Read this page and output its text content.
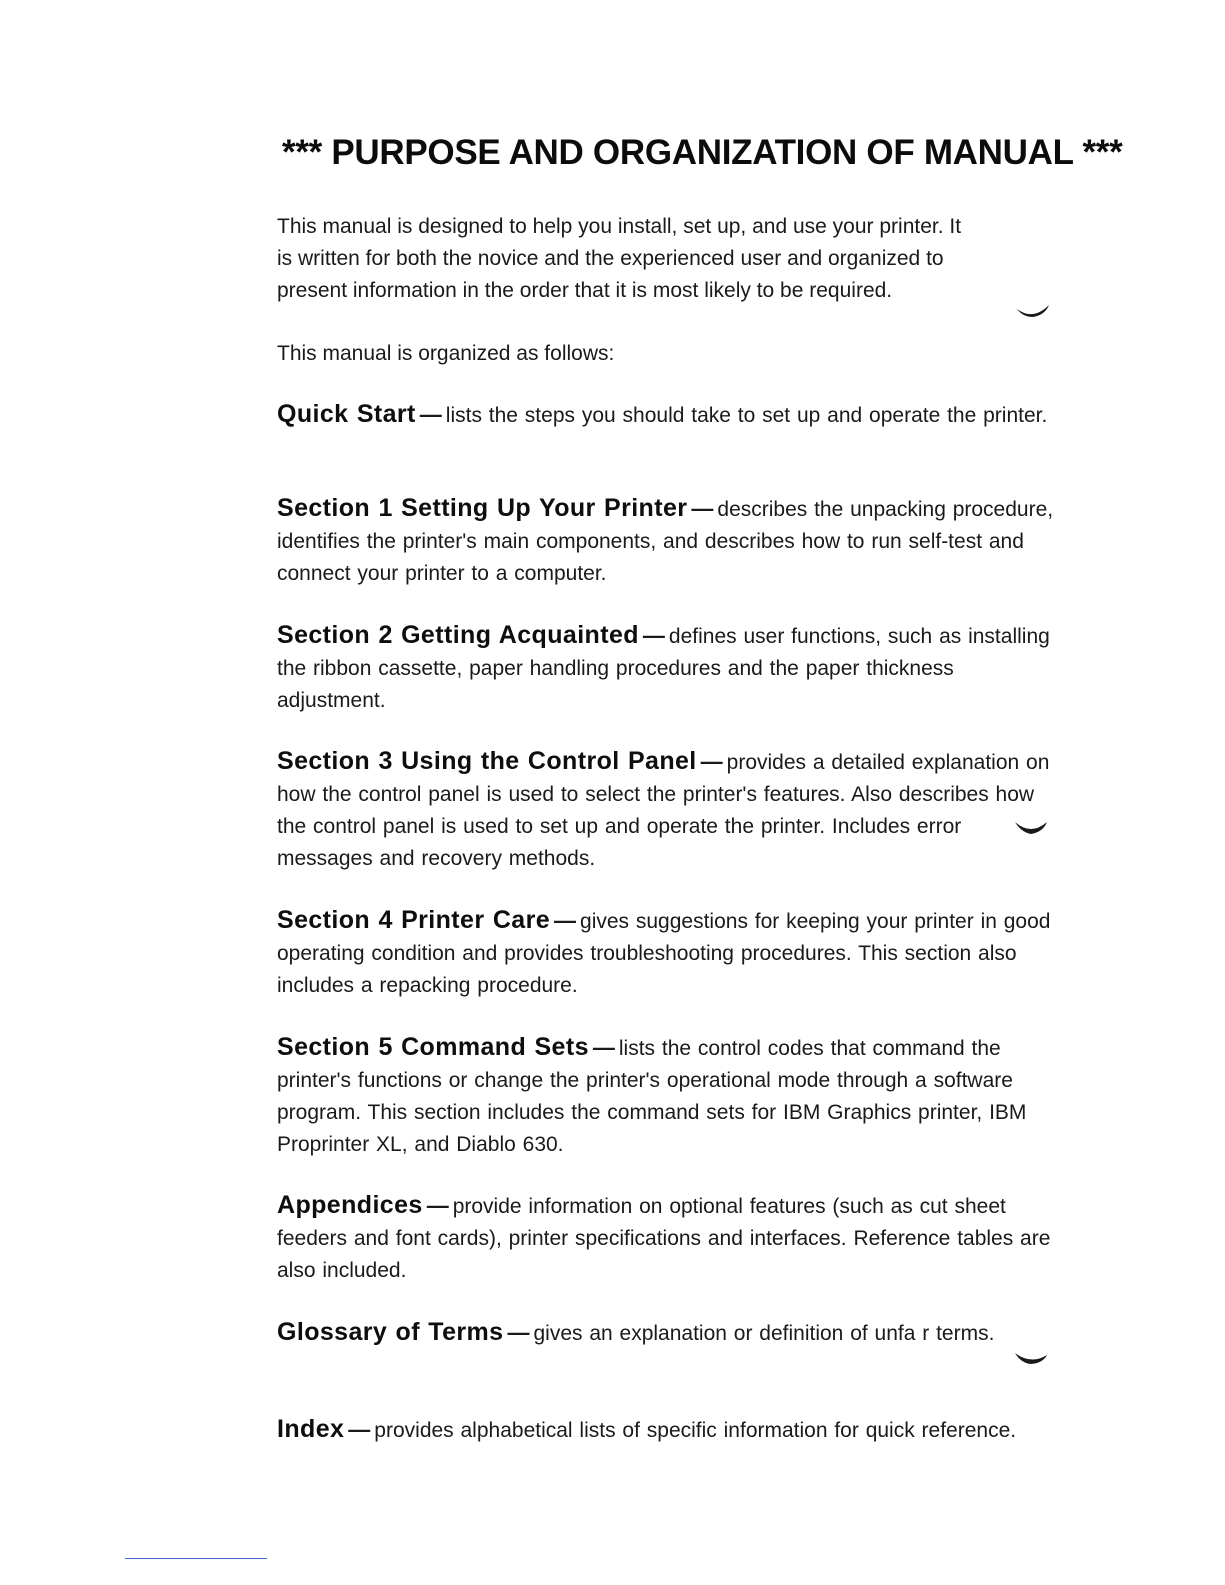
*** PURPOSE AND ORGANIZATION OF MANUAL ***
This manual is designed to help you install, set up, and use your printer. It
is written for both the novice and the experienced user and organized to
present information in the order that it is most likely to be required.

This manual is organized as follows:

Quick Start — lists the steps you should take to set up and operate the printer.

Section 1 Setting Up Your Printer — describes the unpacking procedure, identifies the printer's main components, and describes how to run self-test and connect your printer to a computer.

Section 2 Getting Acquainted — defines user functions, such as installing the ribbon cassette, paper handling procedures and the paper thickness adjustment.

Section 3 Using the Control Panel — provides a detailed explanation on how the control panel is used to select the printer's features. Also describes how the control panel is used to set up and operate the printer. Includes error messages and recovery methods.

Section 4 Printer Care — gives suggestions for keeping your printer in good operating condition and provides troubleshooting procedures. This section also includes a repacking procedure.

Section 5 Command Sets — lists the control codes that command the printer's functions or change the printer's operational mode through a software program. This section includes the command sets for IBM Graphics printer, IBM Proprinter XL, and Diablo 630.

Appendices — provide information on optional features (such as cut sheet feeders and font cards), printer specifications and interfaces. Reference tables are also included.

Glossary of Terms — gives an explanation or definition of unfa r terms.

Index — provides alphabetical lists of specific information for quick reference.
